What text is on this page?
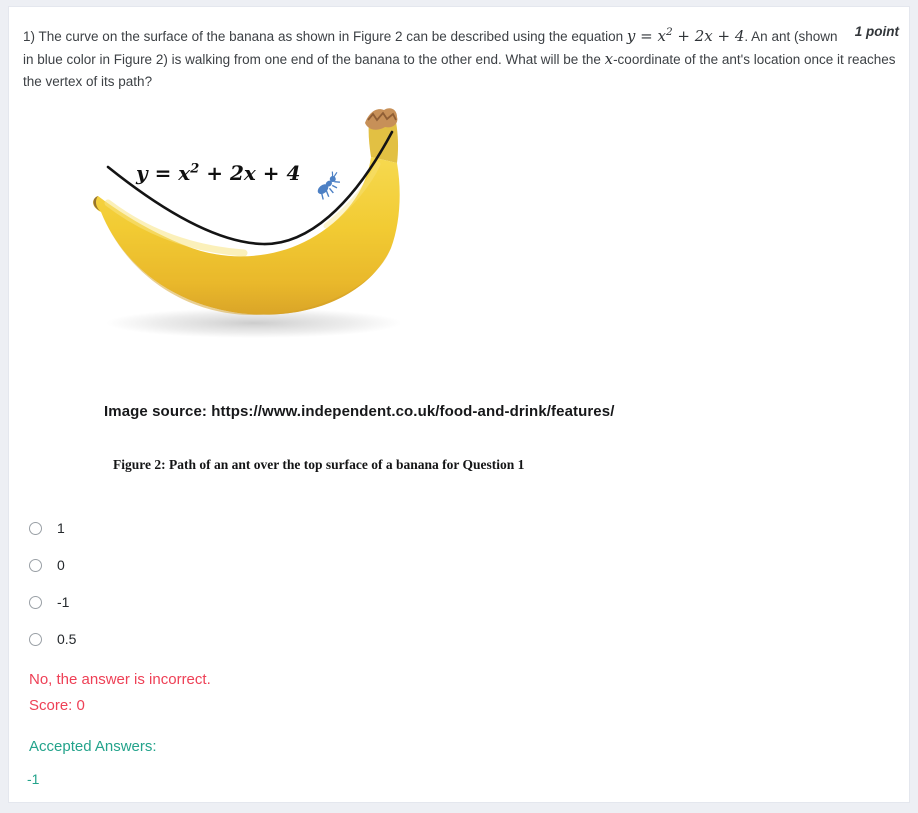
1 point
1) The curve on the surface of the banana as shown in Figure 2 can be described using the equation $y = x^2 + 2x + 4$. An ant (shown in blue color in Figure 2) is walking from one end of the banana to the other end. What will be the x-coordinate of the ant's location once it reaches the vertex of its path?
$y = x^2 + 2x + 4$
Image source: https://www.independent.co.uk/food-and-drink/features/
Figure 2: Path of an ant over the top surface of a banana for Question 1
1
0
-1
0.5
No, the answer is incorrect.
Score: 0
Accepted Answers:
-1
